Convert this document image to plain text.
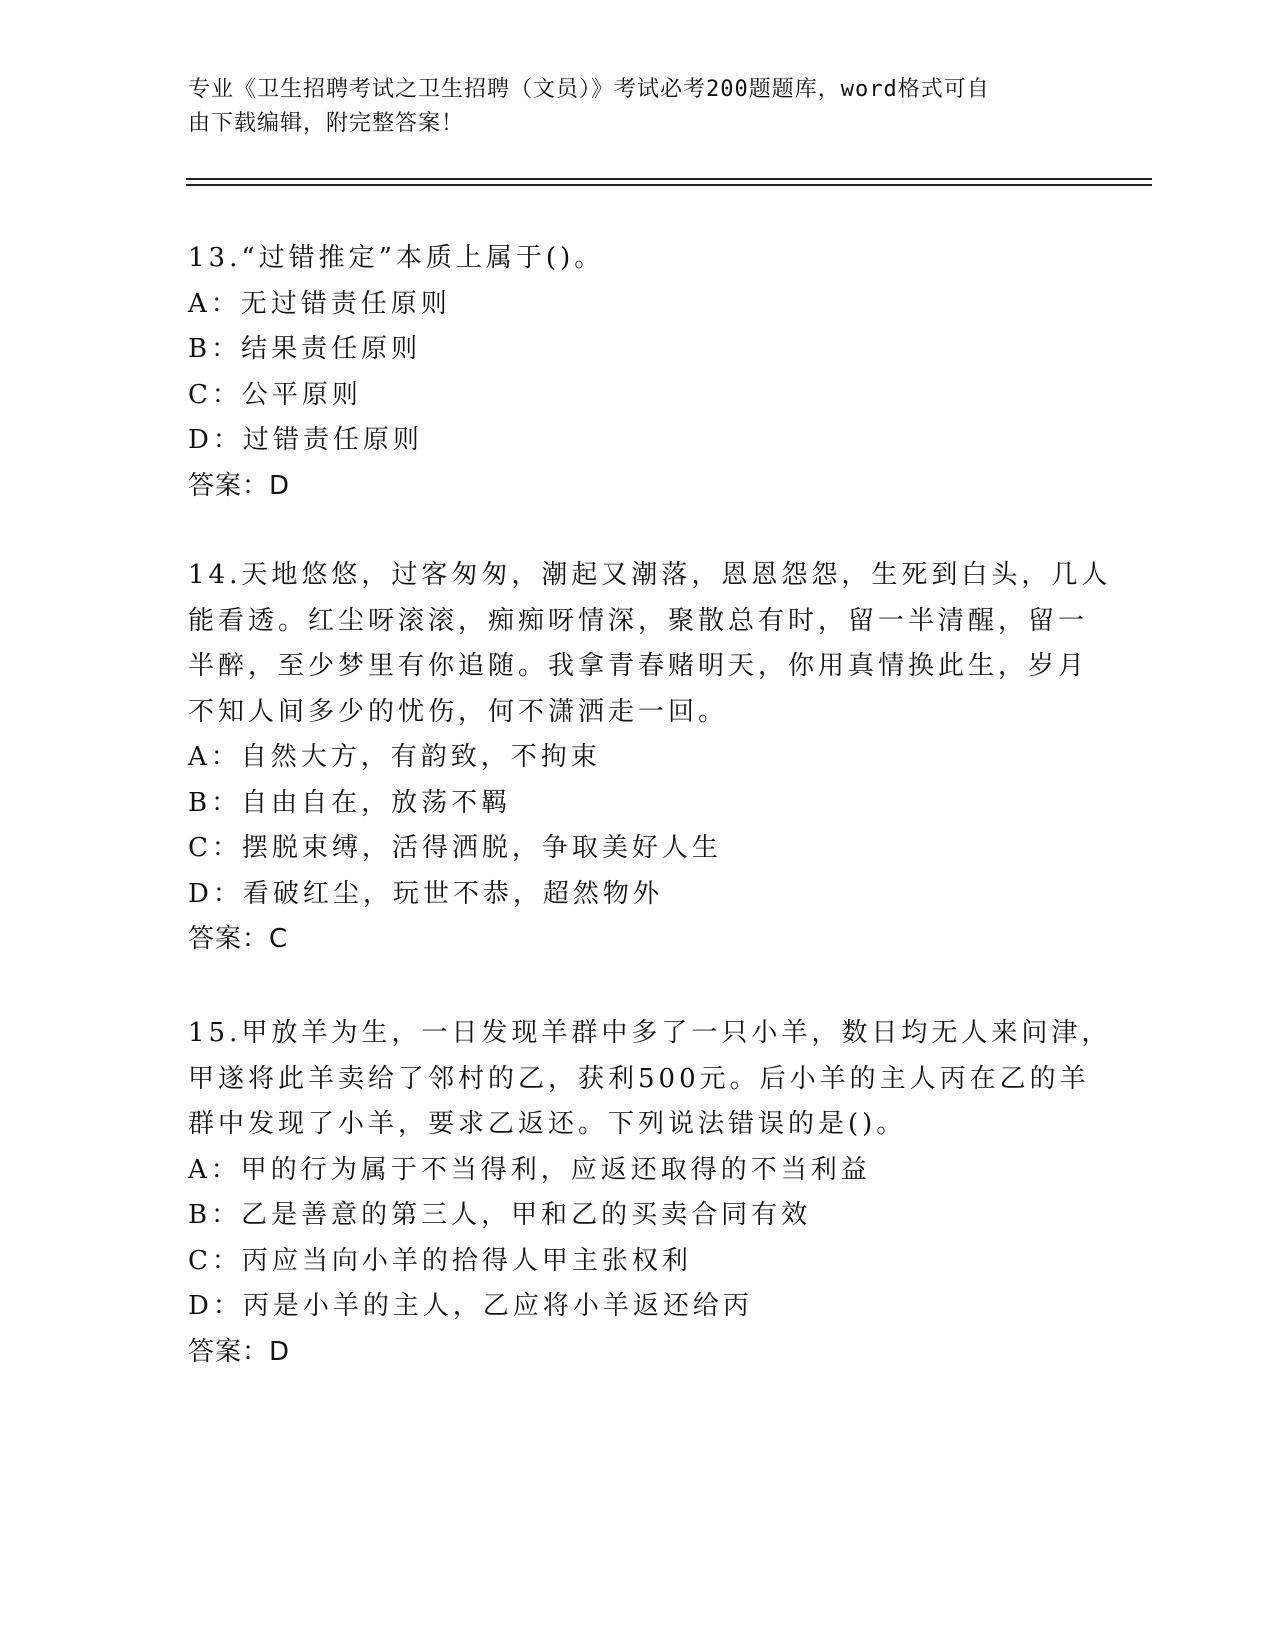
专业《卫生招聘考试之卫生招聘（文员）》考试必考200题题库，word格式可自
由下载编辑，附完整答案！
13.“过错推定”本质上属于()。
A：无过错责任原则
B：结果责任原则
C：公平原则
D：过错责任原则
答案：D
14.天地悠悠，过客匆匆，潮起又潮落，恩恩怨怨，生死到白头，几人
能看透。红尘呀滚滚，痴痴呀情深，聚散总有时，留一半清醒，留一
半醉，至少梦里有你追随。我拿青春赌明天，你用真情换此生，岁月
不知人间多少的忧伤，何不潇洒走一回。
A：自然大方，有韵致，不拘束
B：自由自在，放荡不羁
C：摆脱束缚，活得洒脱，争取美好人生
D：看破红尘，玩世不恭，超然物外
答案：C
15.甲放羊为生，一日发现羊群中多了一只小羊，数日均无人来问津，
甲遂将此羊卖给了邻村的乙，获利500元。后小羊的主人丙在乙的羊
群中发现了小羊，要求乙返还。下列说法错误的是()。
A：甲的行为属于不当得利，应返还取得的不当利益
B：乙是善意的第三人，甲和乙的买卖合同有效
C：丙应当向小羊的拾得人甲主张权利
D：丙是小羊的主人，乙应将小羊返还给丙
答案：D
